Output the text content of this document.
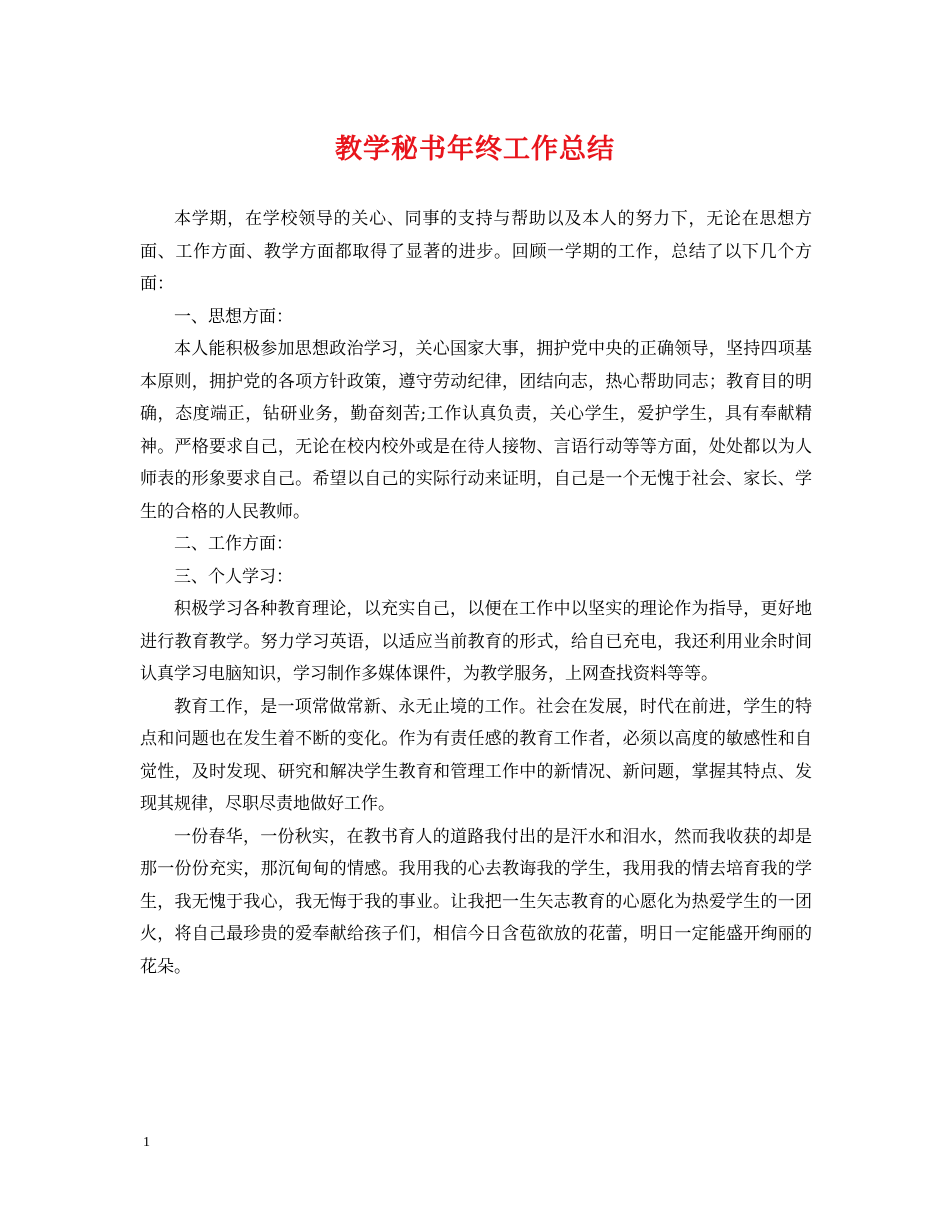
教学秘书年终工作总结

本学期，在学校领导的关心、同事的支持与帮助以及本人的努力下，无论在思想方面、工作方面、教学方面都取得了显著的进步。回顾一学期的工作，总结了以下几个方面：

一、思想方面：

本人能积极参加思想政治学习，关心国家大事，拥护党中央的正确领导，坚持四项基本原则，拥护党的各项方针政策，遵守劳动纪律，团结向志，热心帮助同志；教育目的明确，态度端正，钻研业务，勤奋刻苦;工作认真负责，关心学生，爱护学生，具有奉献精神。严格要求自己，无论在校内校外或是在待人接物、言语行动等等方面，处处都以为人师表的形象要求自己。希望以自己的实际行动来证明，自己是一个无愧于社会、家长、学生的合格的人民教师。

二、工作方面：

三、个人学习：

积极学习各种教育理论，以充实自己，以便在工作中以坚实的理论作为指导，更好地进行教育教学。努力学习英语，以适应当前教育的形式，给自已充电，我还利用业余时间认真学习电脑知识，学习制作多媒体课件，为教学服务，上网查找资料等等。

教育工作，是一项常做常新、永无止境的工作。社会在发展，时代在前进，学生的特点和问题也在发生着不断的变化。作为有责任感的教育工作者，必须以高度的敏感性和自觉性，及时发现、研究和解决学生教育和管理工作中的新情况、新问题，掌握其特点、发现其规律，尽职尽责地做好工作。

一份春华，一份秋实，在教书育人的道路我付出的是汗水和泪水，然而我收获的却是那一份份充实，那沉甸甸的情感。我用我的心去教诲我的学生，我用我的情去培育我的学生，我无愧于我心，我无悔于我的事业。让我把一生矢志教育的心愿化为热爱学生的一团火，将自己最珍贵的爱奉献给孩子们，相信今日含苞欲放的花蕾，明日一定能盛开绚丽的花朵。

1
